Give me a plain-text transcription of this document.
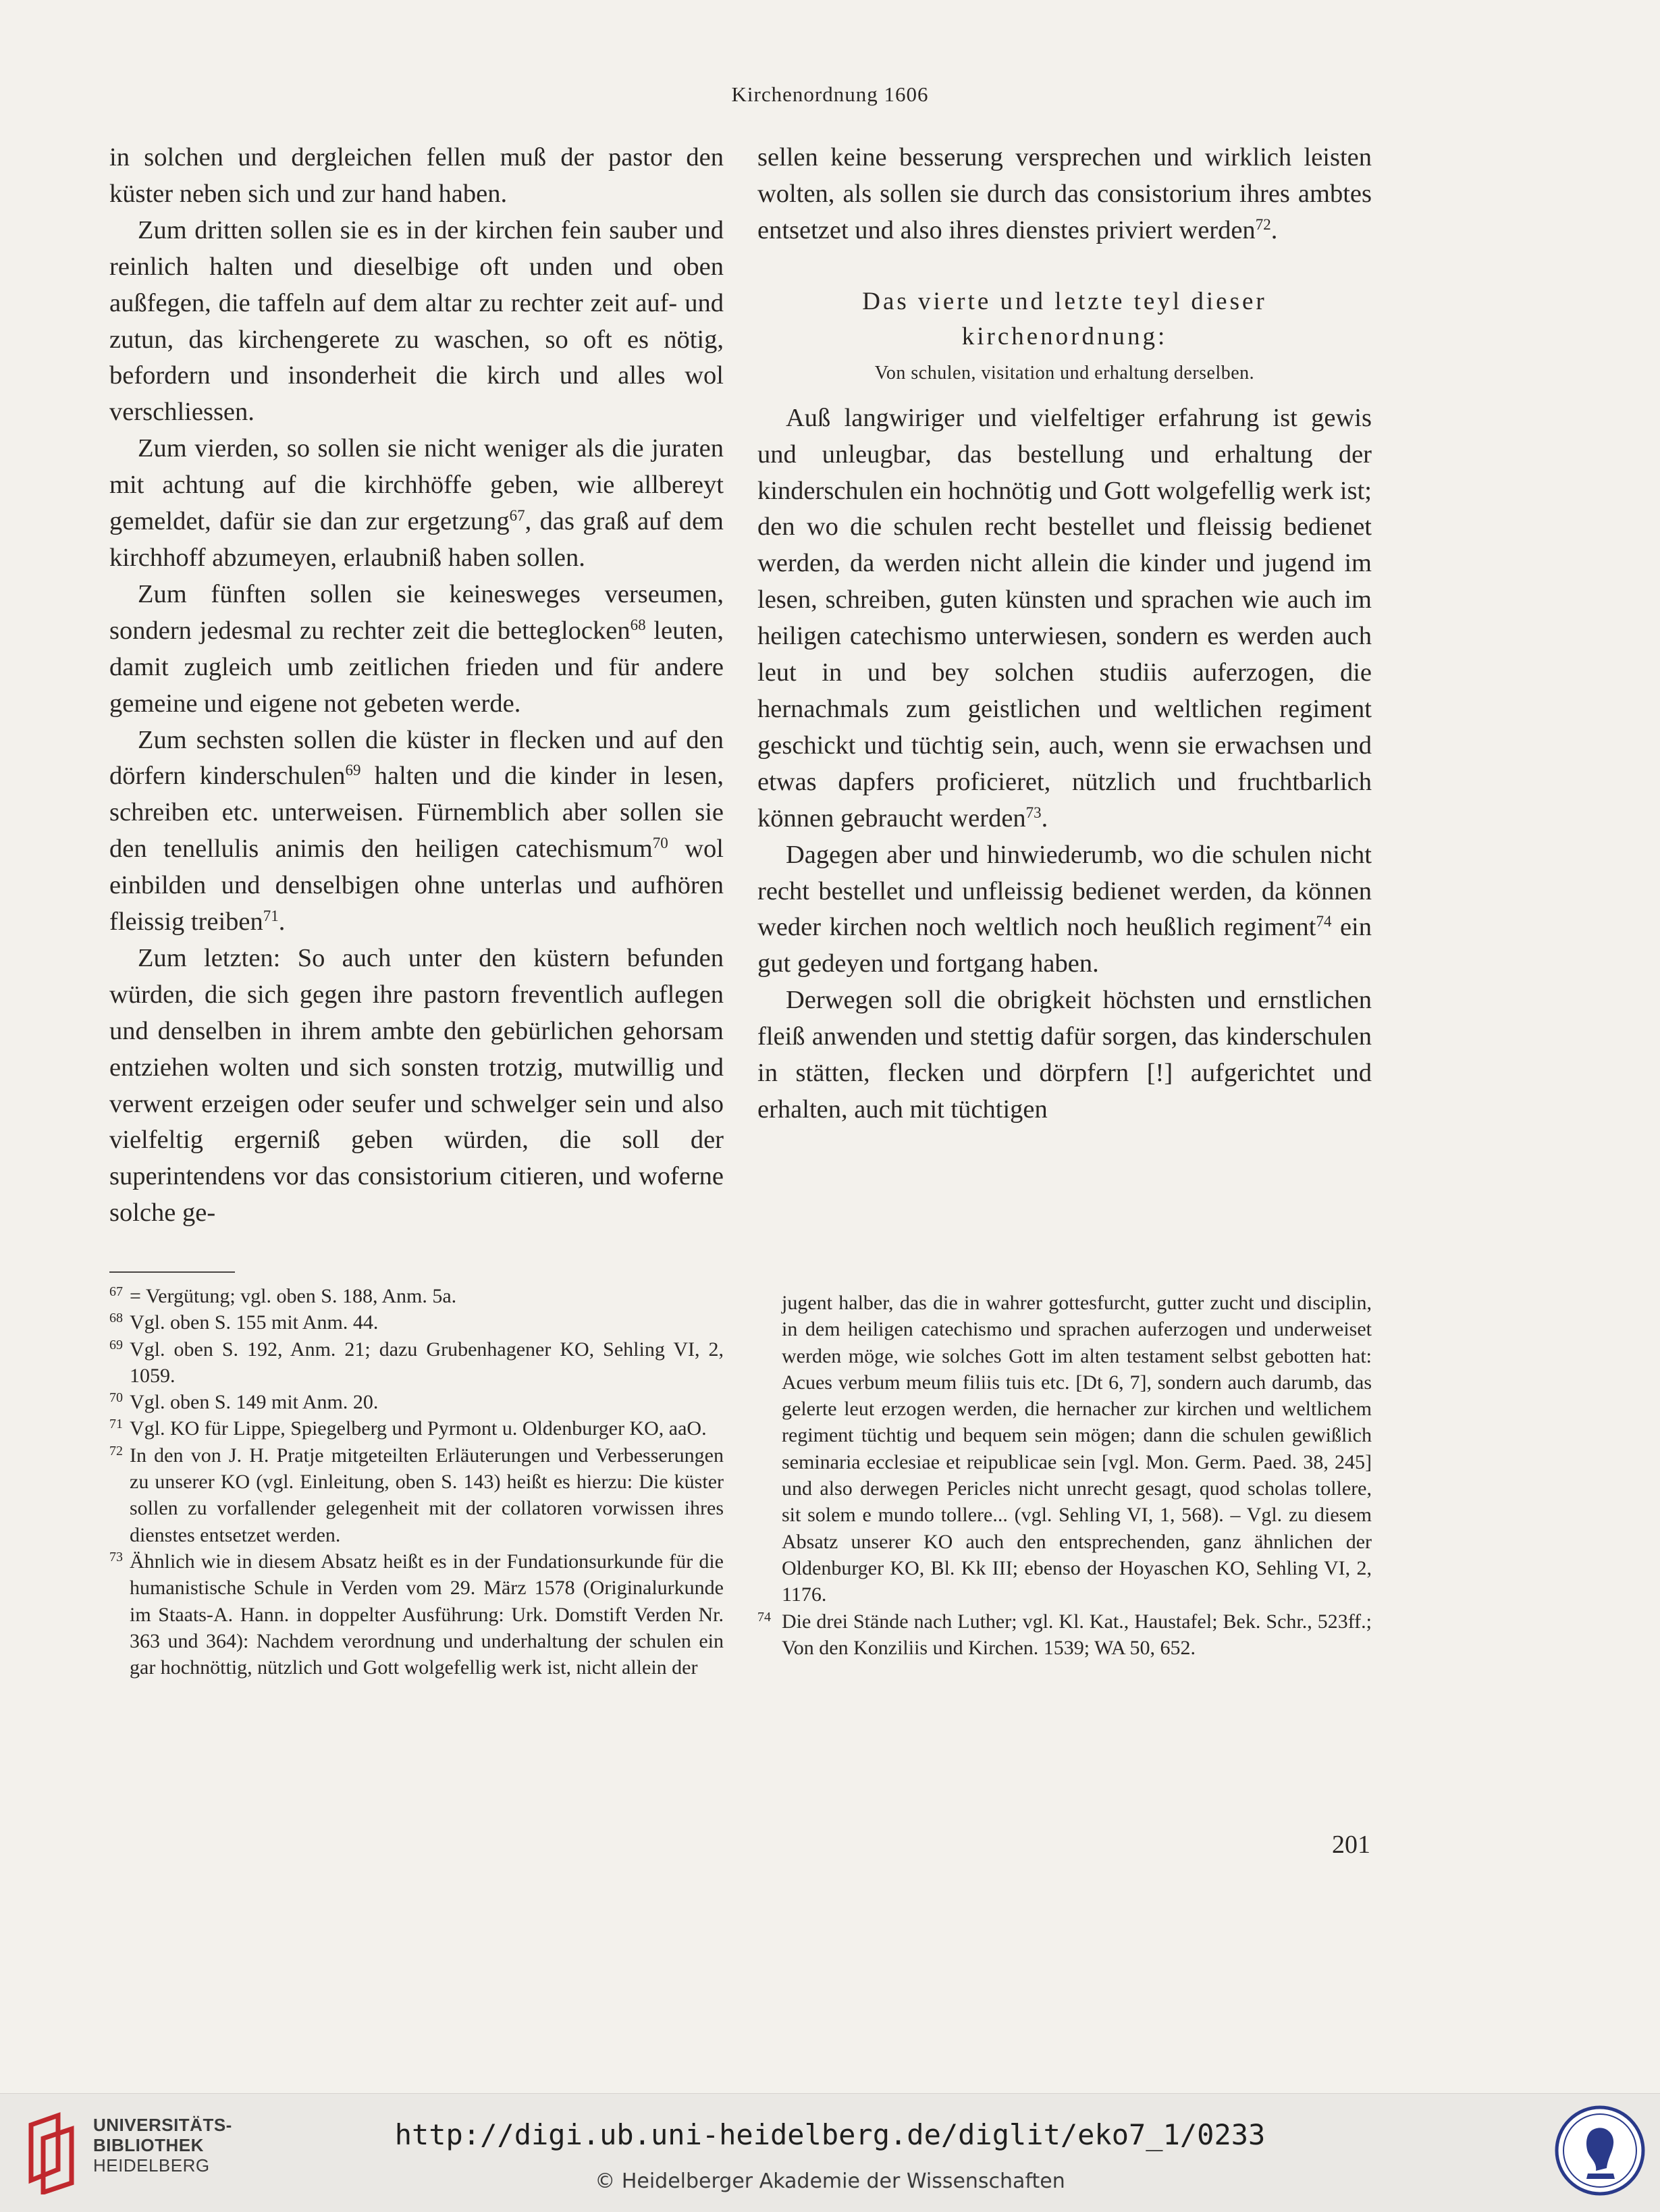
Kirchenordnung 1606

in solchen und dergleichen fellen muß der pastor den küster neben sich und zur hand haben.

Zum dritten sollen sie es in der kirchen fein sauber und reinlich halten und dieselbige oft unden und oben außfegen, die taffeln auf dem altar zu rechter zeit auf- und zutun, das kirchengerete zu waschen, so oft es nötig, befordern und insonderheit die kirch und alles wol verschliessen.

Zum vierden, so sollen sie nicht weniger als die juraten mit achtung auf die kirchhöffe geben, wie allbereyt gemeldet, dafür sie dan zur ergetzung$^{67}$, das graß auf dem kirchhoff abzumeyen, erlaubniß haben sollen.

Zum fünften sollen sie keinesweges verseumen, sondern jedesmal zu rechter zeit die betteglocken$^{68}$ leuten, damit zugleich umb zeitlichen frieden und für andere gemeine und eigene not gebeten werde.

Zum sechsten sollen die küster in flecken und auf den dörfern kinderschulen$^{69}$ halten und die kinder in lesen, schreiben etc. unterweisen. Fürnemblich aber sollen sie den tenellulis animis den heiligen catechismum$^{70}$ wol einbilden und denselbigen ohne unterlas und aufhören fleissig treiben$^{71}$.

Zum letzten: So auch unter den küstern befunden würden, die sich gegen ihre pastorn freventlich auflegen und denselben in ihrem ambte den gebürlichen gehorsam entziehen wolten und sich sonsten trotzig, mutwillig und verwent erzeigen oder seufer und schwelger sein und also vielfeltig ergerniß geben würden, die soll der superintendens vor das consistorium citieren, und woferne solche ge-

sellen keine besserung versprechen und wirklich leisten wolten, als sollen sie durch das consistorium ihres ambtes entsetzet und also ihres dienstes priviert werden$^{72}$.

Das vierte und letzte teyl dieser kirchenordnung:
Von schulen, visitation und erhaltung derselben.

Auß langwiriger und vielfeltiger erfahrung ist gewis und unleugbar, das bestellung und erhaltung der kinderschulen ein hochnötig und Gott wolgefellig werk ist; den wo die schulen recht bestellet und fleissig bedienet werden, da werden nicht allein die kinder und jugend im lesen, schreiben, guten künsten und sprachen wie auch im heiligen catechismo unterwiesen, sondern es werden auch leut in und bey solchen studiis auferzogen, die hernachmals zum geistlichen und weltlichen regiment geschickt und tüchtig sein, auch, wenn sie erwachsen und etwas dapfers proficieret, nützlich und fruchtbarlich können gebraucht werden$^{73}$.

Dagegen aber und hinwiederumb, wo die schulen nicht recht bestellet und unfleissig bedienet werden, da können weder kirchen noch weltlich noch heußlich regiment$^{74}$ ein gut gedeyen und fortgang haben.

Derwegen soll die obrigkeit höchsten und ernstlichen fleiß anwenden und stettig dafür sorgen, das kinderschulen in stätten, flecken und dörpfern [!] aufgerichtet und erhalten, auch mit tüchtigen

67 = Vergütung; vgl. oben S. 188, Anm. 5a.
68 Vgl. oben S. 155 mit Anm. 44.
69 Vgl. oben S. 192, Anm. 21; dazu Grubenhagener KO, Sehling VI, 2, 1059.
70 Vgl. oben S. 149 mit Anm. 20.
71 Vgl. KO für Lippe, Spiegelberg und Pyrmont u. Oldenburger KO, aaO.
72 In den von J. H. Pratje mitgeteilten Erläuterungen und Verbesserungen zu unserer KO (vgl. Einleitung, oben S. 143) heißt es hierzu: Die küster sollen zu vorfallender gelegenheit mit der collatoren vorwissen ihres dienstes entsetzet werden.
73 Ähnlich wie in diesem Absatz heißt es in der Fundationsurkunde für die humanistische Schule in Verden vom 29. März 1578 (Originalurkunde im Staats-A. Hann. in doppelter Ausführung: Urk. Domstift Verden Nr. 363 und 364): Nachdem verordnung und underhaltung der schulen ein gar hochnöttig, nützlich und Gott wolgefellig werk ist, nicht allein der
jugent halber, das die in wahrer gottesfurcht, gutter zucht und disciplin, in dem heiligen catechismo und sprachen auferzogen und underweiset werden möge, wie solches Gott im alten testament selbst gebotten hat: Acues verbum meum filiis tuis etc. [Dt 6, 7], sondern auch darumb, das gelerte leut erzogen werden, die hernacher zur kirchen und weltlichem regiment tüchtig und bequem sein mögen; dann die schulen gewißlich seminaria ecclesiae et reipublicae sein [vgl. Mon. Germ. Paed. 38, 245] und also derwegen Pericles nicht unrecht gesagt, quod scholas tollere, sit solem e mundo tollere... (vgl. Sehling VI, 1, 568). – Vgl. zu diesem Absatz unserer KO auch den entsprechenden, ganz ähnlichen der Oldenburger KO, Bl. Kk III; ebenso der Hoyaschen KO, Sehling VI, 2, 1176.
74 Die drei Stände nach Luther; vgl. Kl. Kat., Haustafel; Bek. Schr., 523ff.; Von den Konziliis und Kirchen. 1539; WA 50, 652.
201
UNIVERSITÄTS-
BIBLIOTHEK
HEIDELBERG
http://digi.ub.uni-heidelberg.de/diglit/eko7_1/0233
© Heidelberger Akademie der Wissenschaften
